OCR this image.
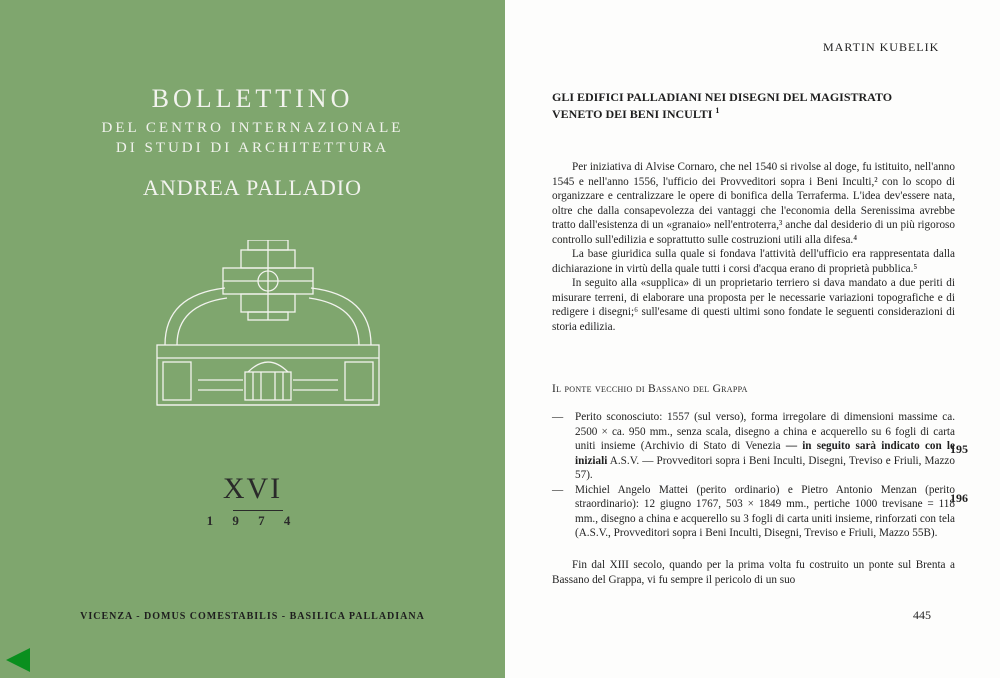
BOLLETTINO
DEL CENTRO INTERNAZIONALE
DI STUDI DI ARCHITETTURA
ANDREA PALLADIO
XVI
1 9 7 4
VICENZA - DOMUS COMESTABILIS - BASILICA PALLADIANA
MARTIN KUBELIK
GLI EDIFICI PALLADIANI NEI DISEGNI DEL MAGISTRATO
VENETO DEI BENI INCULTI $^1$

Per iniziativa di Alvise Cornaro, che nel 1540 si rivolse al doge, fu istituito, nell'anno 1545 e nell'anno 1556, l'ufficio dei Provveditori sopra i Beni Inculti,² con lo scopo di organizzare e centralizzare le opere di bonifica della Terraferma. L'idea dev'essere nata, oltre che dalla consapevolezza dei vantaggi che l'economia della Serenissima avrebbe tratto dall'esistenza di un «granaio» nell'entroterra,³ anche dal desiderio di un più rigoroso controllo sull'edilizia e soprattutto sulle costruzioni utili alla difesa.⁴

La base giuridica sulla quale si fondava l'attività dell'ufficio era rappresentata dalla dichiarazione in virtù della quale tutti i corsi d'acqua erano di proprietà pubblica.⁵

In seguito alla «supplica» di un proprietario terriero si dava mandato a due periti di misurare terreni, di elaborare una proposta per le necessarie variazioni topografiche e di redigere i disegni;⁶ sull'esame di questi ultimi sono fondate le seguenti considerazioni di storia edilizia.

Il ponte vecchio di Bassano del Grappa
— Perito sconosciuto: 1557 (sul verso), forma irregolare di dimensioni massime ca. 2500 × ca. 950 mm., senza scala, disegno a china e acquerello su 6 fogli di carta uniti insieme (Archivio di Stato di Venezia — in seguito sarà indicato con le iniziali A.S.V. — Provveditori sopra i Beni Inculti, Disegni, Treviso e Friuli, Mazzo 57).
— Michiel Angelo Mattei (perito ordinario) e Pietro Antonio Menzan (perito straordinario): 12 giugno 1767, 503 × 1849 mm., pertiche 1000 trevisane = 118 mm., disegno a china e acquerello su 3 fogli di carta uniti insieme, rinforzati con tela (A.S.V., Provveditori sopra i Beni Inculti, Disegni, Treviso e Friuli, Mazzo 55B).
195
196

Fin dal XIII secolo, quando per la prima volta fu costruito un ponte sul Brenta a Bassano del Grappa, vi fu sempre il pericolo di un suo

445
